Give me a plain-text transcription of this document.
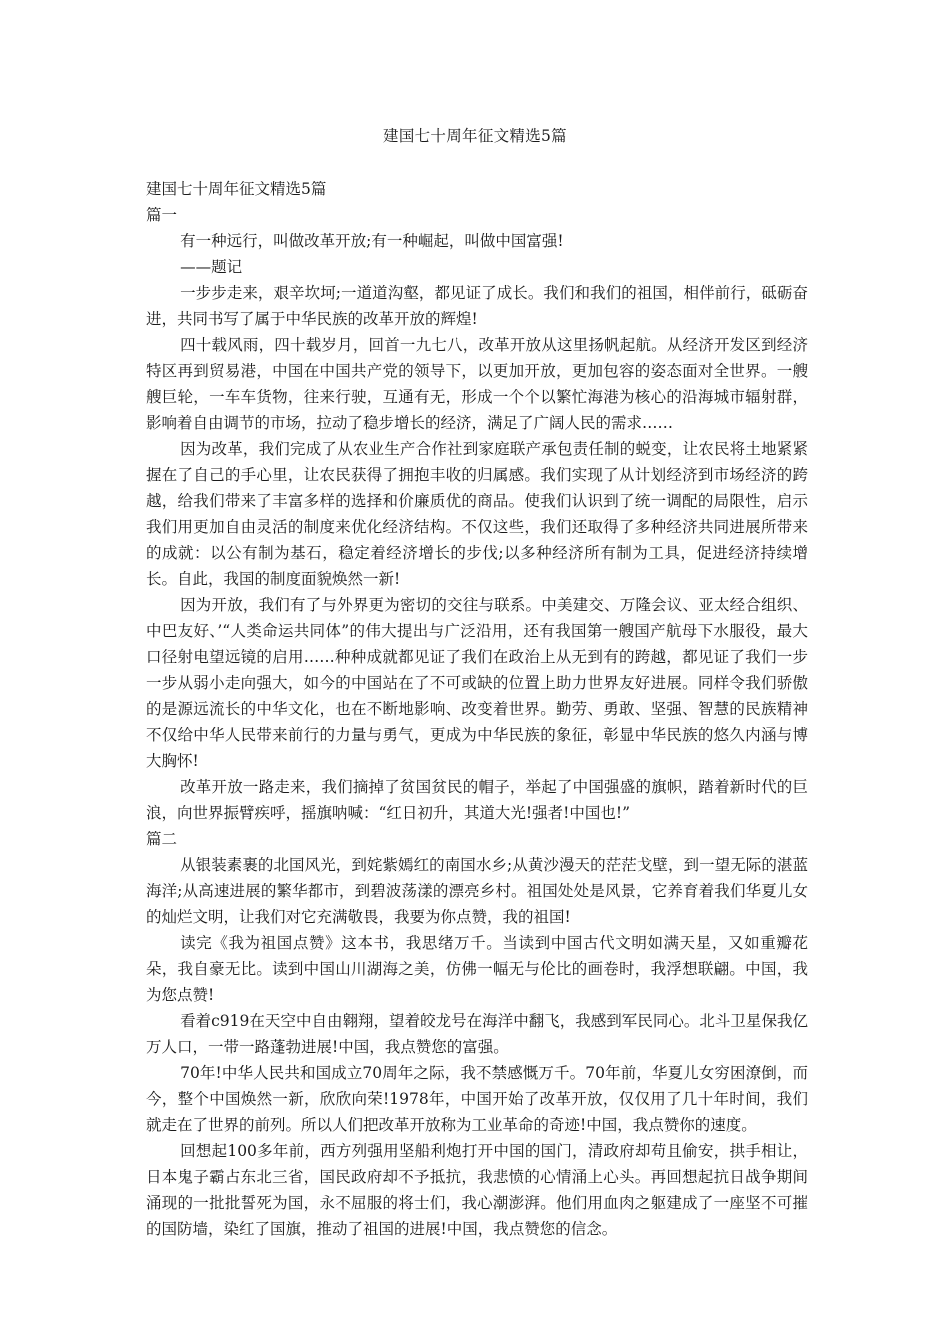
建国七十周年征文精选5篇

建国七十周年征文精选5篇

篇一

有一种远行，叫做改革开放;有一种崛起，叫做中国富强!

——题记

一步步走来，艰辛坎坷;一道道沟壑，都见证了成长。我们和我们的祖国，相伴前行，砥砺奋进，共同书写了属于中华民族的改革开放的辉煌!

四十载风雨，四十载岁月，回首一九七八，改革开放从这里扬帆起航。从经济开发区到经济特区再到贸易港，中国在中国共产党的领导下，以更加开放，更加包容的姿态面对全世界。一艘艘巨轮，一车车货物，往来行驶，互通有无，形成一个个以繁忙海港为核心的沿海城市辐射群，影响着自由调节的市场，拉动了稳步增长的经济，满足了广阔人民的需求……

因为改革，我们完成了从农业生产合作社到家庭联产承包责任制的蜕变，让农民将土地紧紧握在了自己的手心里，让农民获得了拥抱丰收的归属感。我们实现了从计划经济到市场经济的跨越，给我们带来了丰富多样的选择和价廉质优的商品。使我们认识到了统一调配的局限性，启示我们用更加自由灵活的制度来优化经济结构。不仅这些，我们还取得了多种经济共同进展所带来的成就：以公有制为基石，稳定着经济增长的步伐;以多种经济所有制为工具，促进经济持续增长。自此，我国的制度面貌焕然一新!

因为开放，我们有了与外界更为密切的交往与联系。中美建交、万隆会议、亚太经合组织、中巴友好、’“人类命运共同体”的伟大提出与广泛沿用，还有我国第一艘国产航母下水服役，最大口径射电望远镜的启用……种种成就都见证了我们在政治上从无到有的跨越，都见证了我们一步一步从弱小走向强大，如今的中国站在了不可或缺的位置上助力世界友好进展。同样令我们骄傲的是源远流长的中华文化，也在不断地影响、改变着世界。勤劳、勇敢、坚强、智慧的民族精神不仅给中华人民带来前行的力量与勇气，更成为中华民族的象征，彰显中华民族的悠久内涵与博大胸怀!

改革开放一路走来，我们摘掉了贫国贫民的帽子，举起了中国强盛的旗帜，踏着新时代的巨浪，向世界振臂疾呼，摇旗呐喊：“红日初升，其道大光!强者!中国也!”

篇二

从银装素裹的北国风光，到姹紫嫣红的南国水乡;从黄沙漫天的茫茫戈壁，到一望无际的湛蓝海洋;从高速进展的繁华都市，到碧波荡漾的漂亮乡村。祖国处处是风景，它养育着我们华夏儿女的灿烂文明，让我们对它充满敬畏，我要为你点赞，我的祖国!

读完《我为祖国点赞》这本书，我思绪万千。当读到中国古代文明如满天星，又如重瓣花朵，我自豪无比。读到中国山川湖海之美，仿佛一幅无与伦比的画卷时，我浮想联翩。中国，我为您点赞!

看着c919在天空中自由翱翔，望着皎龙号在海洋中翻飞，我感到军民同心。北斗卫星保我亿万人口，一带一路蓬勃进展!中国，我点赞您的富强。

70年!中华人民共和国成立70周年之际，我不禁感慨万千。70年前，华夏儿女穷困潦倒，而今，整个中国焕然一新，欣欣向荣!1978年，中国开始了改革开放，仅仅用了几十年时间，我们就走在了世界的前列。所以人们把改革开放称为工业革命的奇迹!中国，我点赞你的速度。

回想起100多年前，西方列强用坚船利炮打开中国的国门，清政府却苟且偷安，拱手相让，日本鬼子霸占东北三省，国民政府却不予抵抗，我悲愤的心情涌上心头。再回想起抗日战争期间涌现的一批批誓死为国，永不屈服的将士们，我心潮澎湃。他们用血肉之躯建成了一座坚不可摧的国防墙，染红了国旗，推动了祖国的进展!中国，我点赞您的信念。
